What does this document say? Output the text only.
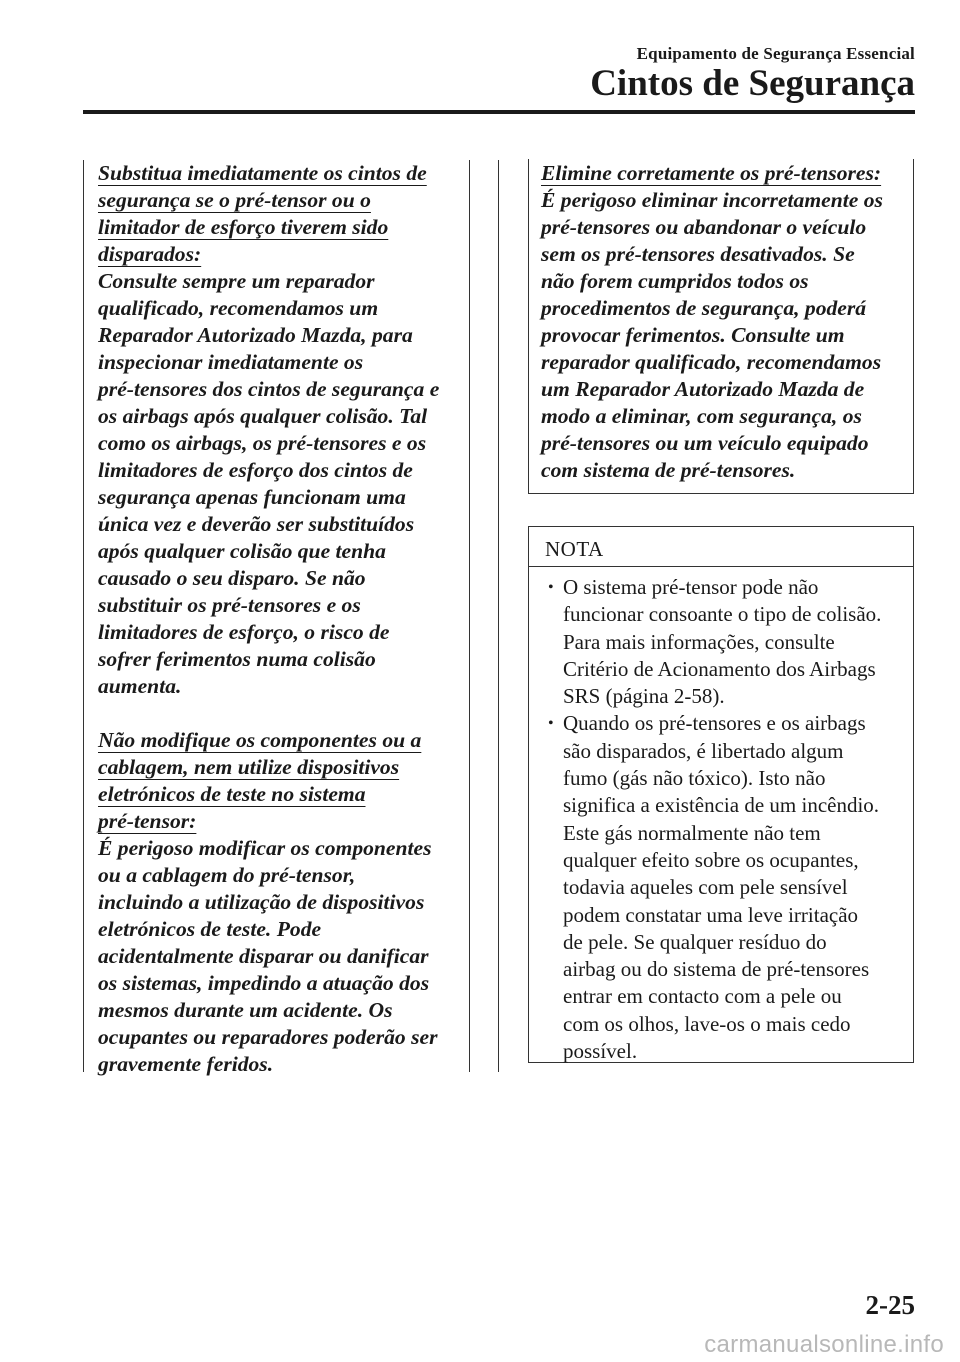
Equipamento de Segurança Essencial
Cintos de Segurança
Substitua imediatamente os cintos de
segurança se o pré-tensor ou o
limitador de esforço tiverem sido
disparados:
Consulte sempre um reparador
qualificado, recomendamos um
Reparador Autorizado Mazda, para
inspecionar imediatamente os
pré-tensores dos cintos de segurança e
os airbags após qualquer colisão. Tal
como os airbags, os pré-tensores e os
limitadores de esforço dos cintos de
segurança apenas funcionam uma
única vez e deverão ser substituídos
após qualquer colisão que tenha
causado o seu disparo. Se não
substituir os pré-tensores e os
limitadores de esforço, o risco de
sofrer ferimentos numa colisão
aumenta.
Não modifique os componentes ou a
cablagem, nem utilize dispositivos
eletrónicos de teste no sistema
pré-tensor:
É perigoso modificar os componentes
ou a cablagem do pré-tensor,
incluindo a utilização de dispositivos
eletrónicos de teste. Pode
acidentalmente disparar ou danificar
os sistemas, impedindo a atuação dos
mesmos durante um acidente. Os
ocupantes ou reparadores poderão ser
gravemente feridos.
Elimine corretamente os pré-tensores:
É perigoso eliminar incorretamente os
pré-tensores ou abandonar o veículo
sem os pré-tensores desativados. Se
não forem cumpridos todos os
procedimentos de segurança, poderá
provocar ferimentos. Consulte um
reparador qualificado, recomendamos
um Reparador Autorizado Mazda de
modo a eliminar, com segurança, os
pré-tensores ou um veículo equipado
com sistema de pré-tensores.
NOTA
• O sistema pré-tensor pode não
funcionar consoante o tipo de colisão.
Para mais informações, consulte
Critério de Acionamento dos Airbags
SRS (página 2-58).
• Quando os pré-tensores e os airbags
são disparados, é libertado algum
fumo (gás não tóxico). Isto não
significa a existência de um incêndio.
Este gás normalmente não tem
qualquer efeito sobre os ocupantes,
todavia aqueles com pele sensível
podem constatar uma leve irritação
de pele. Se qualquer resíduo do
airbag ou do sistema de pré-tensores
entrar em contacto com a pele ou
com os olhos, lave-os o mais cedo
possível.
2-25
carmanualsonline.info
